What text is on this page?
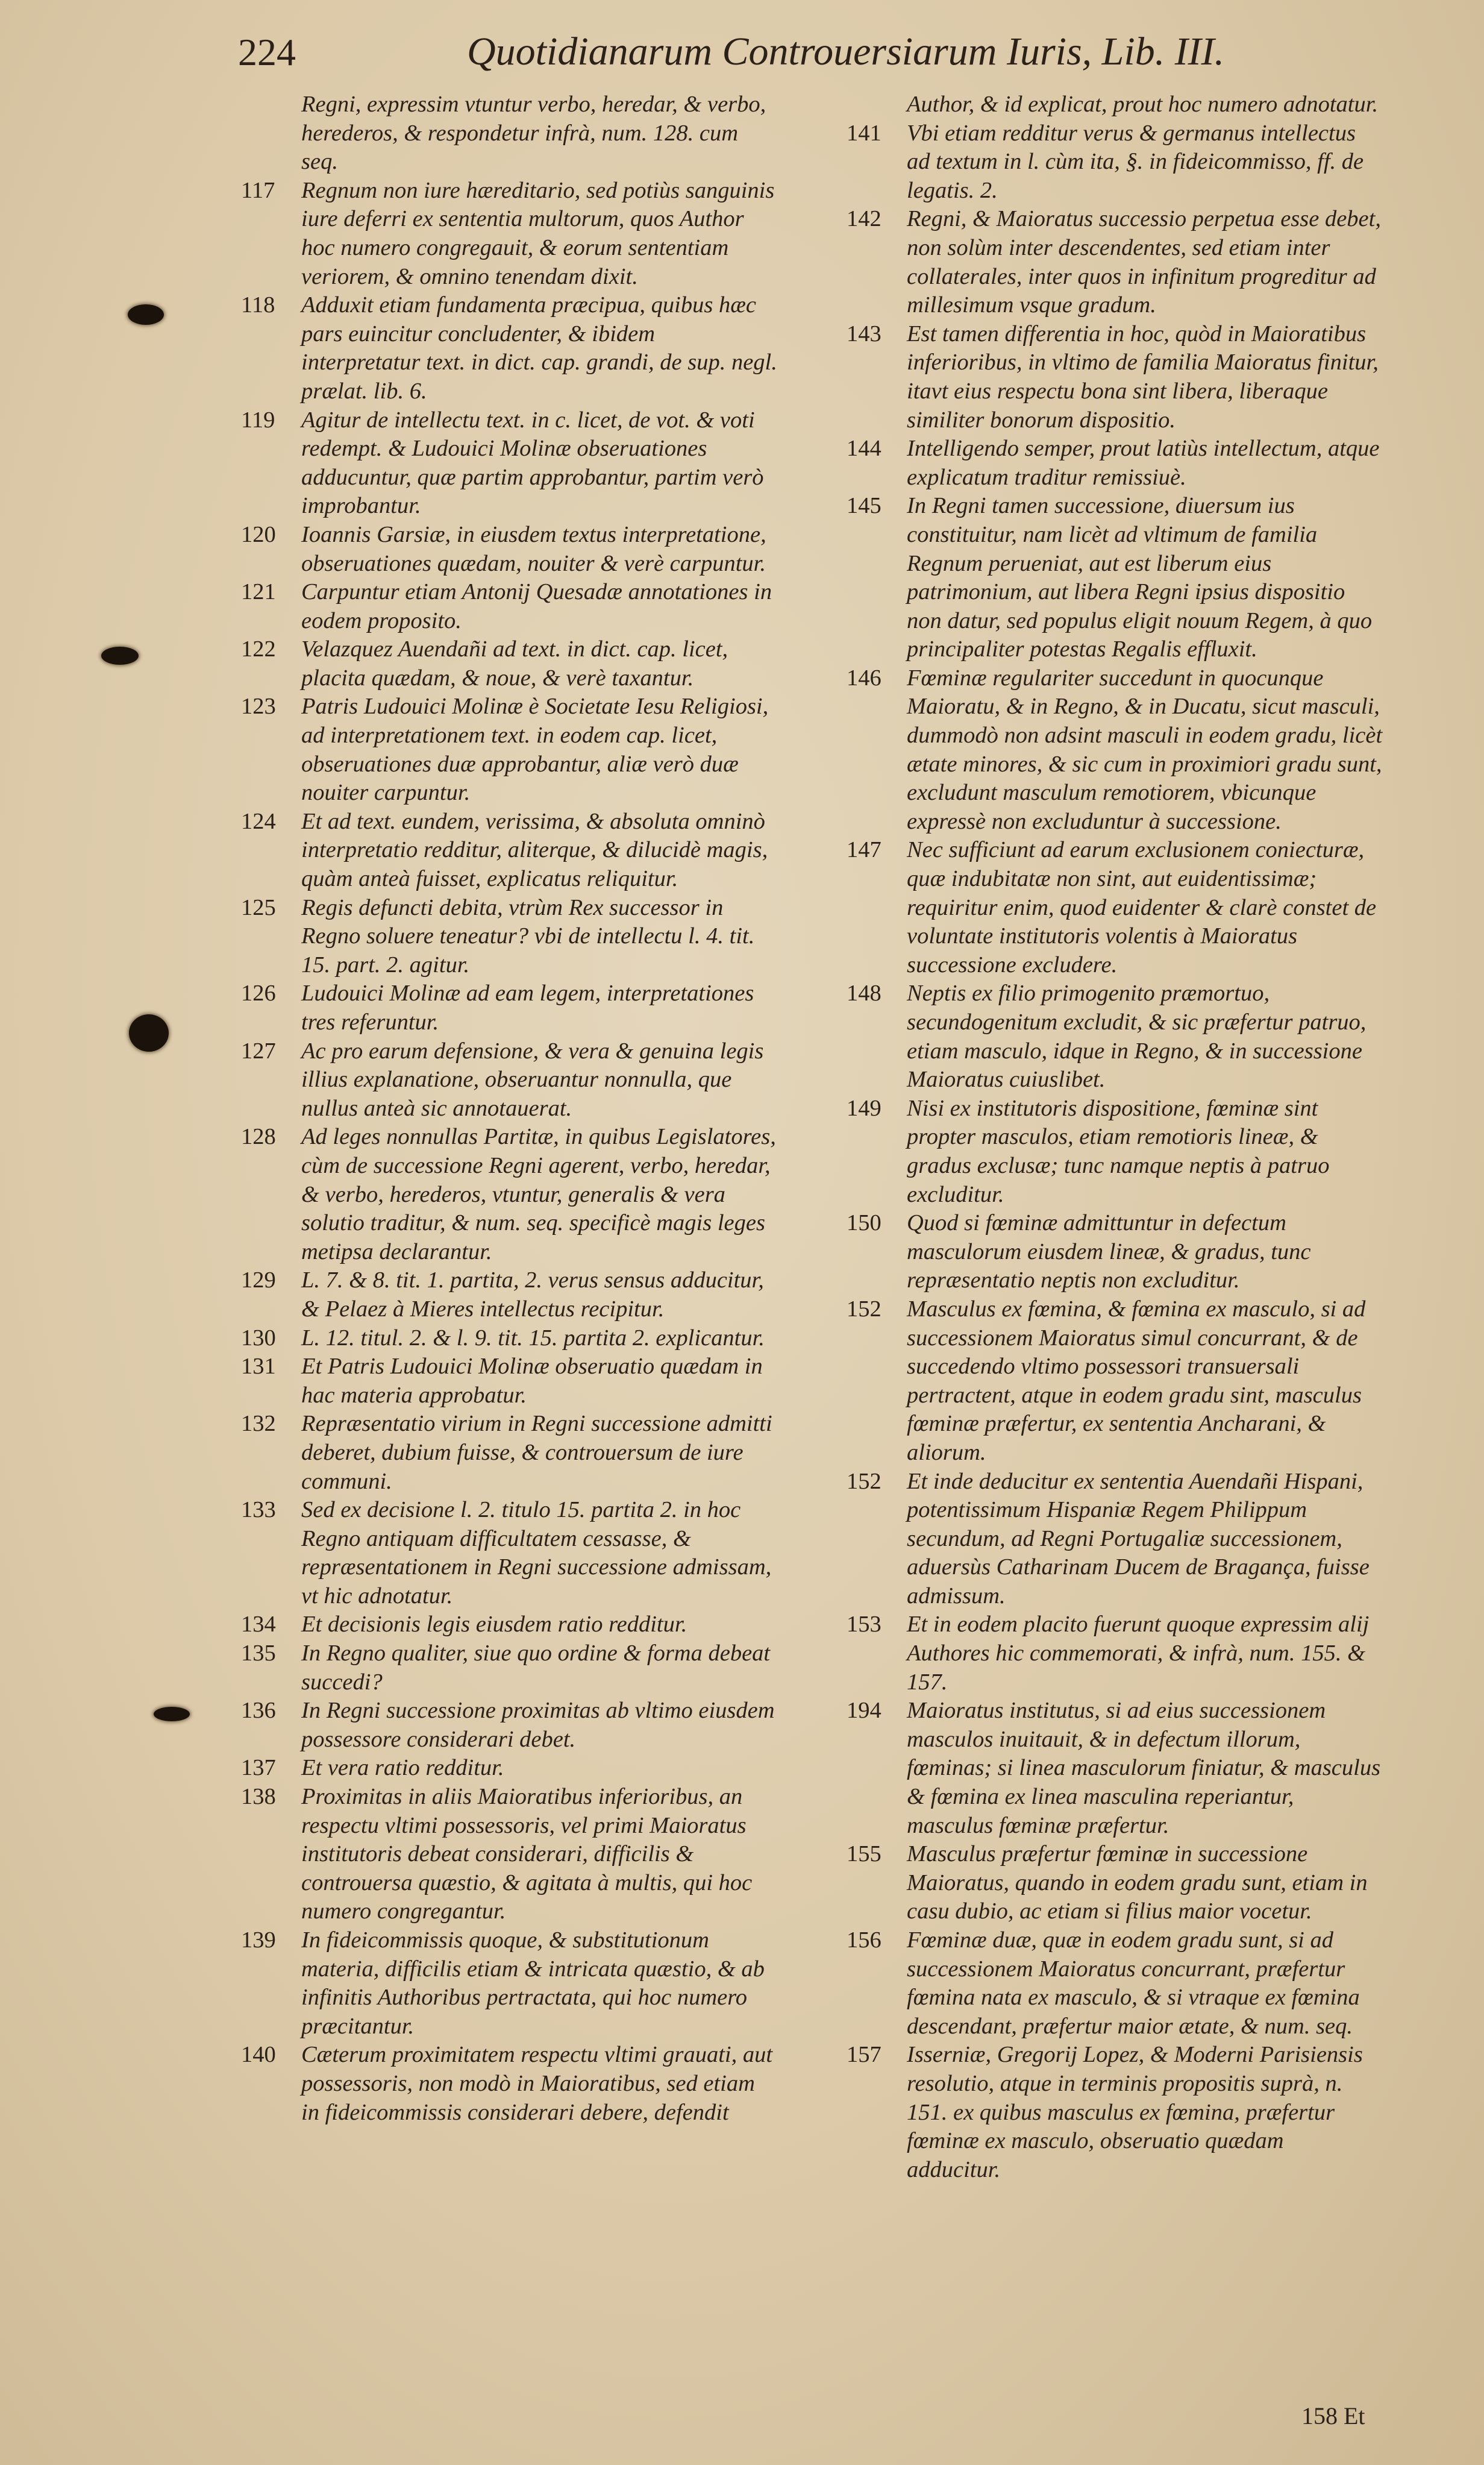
224	Quotidianarum Controuersiarum Iuris, Lib. III.
Regni, expressim vtuntur verbo, heredar, & verbo, herederos, & respondetur infrà, num. 128. cum seq.
117	Regnum non iure hæreditario, sed potiùs sanguinis iure deferri ex sententia multorum, quos Author hoc numero congregauit, & eorum sententiam veriorem, & omnino tenendam dixit.
118	Adduxit etiam fundamenta præcipua, quibus hæc pars euincitur concludenter, & ibidem interpretatur text. in dict. cap. grandi, de sup. negl. prælat. lib. 6.
119	Agitur de intellectu text. in c. licet, de vot. & voti redempt. & Ludouici Molinæ obseruationes adducuntur, quæ partim approbantur, partim verò improbantur.
120	Ioannis Garsiæ, in eiusdem textus interpretatione, obseruationes quædam, nouiter & verè carpuntur.
121	Carpuntur etiam Antonij Quesadæ annotationes in eodem proposito.
122	Velazquez Auendañi ad text. in dict. cap. licet, placita quædam, & noue, & verè taxantur.
123	Patris Ludouici Molinæ è Societate Iesu Religiosi, ad interpretationem text. in eodem cap. licet, obseruationes duæ approbantur, aliæ verò duæ nouiter carpuntur.
124	Et ad text. eundem, verissima, & absoluta omninò interpretatio redditur, aliterque, & dilucidè magis, quàm anteà fuisset, explicatus reliquitur.
125	Regis defuncti debita, vtrùm Rex successor in Regno soluere teneatur? vbi de intellectu l. 4. tit. 15. part. 2. agitur.
126	Ludouici Molinæ ad eam legem, interpretationes tres referuntur.
127	Ac pro earum defensione, & vera & genuina legis illius explanatione, obseruantur nonnulla, que nullus anteà sic annotauerat.
128	Ad leges nonnullas Partitæ, in quibus Legislatores, cùm de successione Regni agerent, verbo, heredar, & verbo, herederos, vtuntur, generalis & vera solutio traditur, & num. seq. specificè magis leges metipsa declarantur.
129	L. 7. & 8. tit. 1. partita, 2. verus sensus adducitur, & Pelaez à Mieres intellectus recipitur.
130	L. 12. titul. 2. & l. 9. tit. 15. partita 2. explicantur.
131	Et Patris Ludouici Molinæ obseruatio quædam in hac materia approbatur.
132	Repræsentatio virium in Regni successione admitti deberet, dubium fuisse, & controuersum de iure communi.
133	Sed ex decisione l. 2. titulo 15. partita 2. in hoc Regno antiquam difficultatem cessasse, & repræsentationem in Regni successione admissam, vt hic adnotatur.
134	Et decisionis legis eiusdem ratio redditur.
135	In Regno qualiter, siue quo ordine & forma debeat succedi?
136	In Regni successione proximitas ab vltimo eiusdem possessore considerari debet.
137	Et vera ratio redditur.
138	Proximitas in aliis Maioratibus inferioribus, an respectu vltimi possessoris, vel primi Maioratus institutoris debeat considerari, difficilis & controuersa quæstio, & agitata à multis, qui hoc numero congregantur.
139	In fideicommissis quoque, & substitutionum materia, difficilis etiam & intricata quæstio, & ab infinitis Authoribus pertractata, qui hoc numero præcitantur.
140	Cæterum proximitatem respectu vltimi grauati, aut possessoris, non modò in Maioratibus, sed etiam in fideicommissis considerari debere, defendit
Author, & id explicat, prout hoc numero adnotatur.
141	Vbi etiam redditur verus & germanus intellectus ad textum in l. cùm ita, §. in fideicommisso, ff. de legatis. 2.
142	Regni, & Maioratus successio perpetua esse debet, non solùm inter descendentes, sed etiam inter collaterales, inter quos in infinitum progreditur ad millesimum vsque gradum.
143	Est tamen differentia in hoc, quòd in Maioratibus inferioribus, in vltimo de familia Maioratus finitur, itavt eius respectu bona sint libera, liberaque similiter bonorum dispositio.
144	Intelligendo semper, prout latiùs intellectum, atque explicatum traditur remissiuè.
145	In Regni tamen successione, diuersum ius constituitur, nam licèt ad vltimum de familia Regnum perueniat, aut est liberum eius patrimonium, aut libera Regni ipsius dispositio non datur, sed populus eligit nouum Regem, à quo principaliter potestas Regalis effluxit.
146	Fœminæ regulariter succedunt in quocunque Maioratu, & in Regno, & in Ducatu, sicut masculi, dummodò non adsint masculi in eodem gradu, licèt ætate minores, & sic cum in proximiori gradu sunt, excludunt masculum remotiorem, vbicunque expressè non excluduntur à successione.
147	Nec sufficiunt ad earum exclusionem coniecturæ, quæ indubitatæ non sint, aut euidentissimæ; requiritur enim, quod euidenter & clarè constet de voluntate institutoris volentis à Maioratus successione excludere.
148	Neptis ex filio primogenito præmortuo, secundogenitum excludit, & sic præfertur patruo, etiam masculo, idque in Regno, & in successione Maioratus cuiuslibet.
149	Nisi ex institutoris dispositione, fœminæ sint propter masculos, etiam remotioris lineæ, & gradus exclusæ; tunc namque neptis à patruo excluditur.
150	Quod si fœminæ admittuntur in defectum masculorum eiusdem lineæ, & gradus, tunc repræsentatio neptis non excluditur.
152	Masculus ex fœmina, & fœmina ex masculo, si ad successionem Maioratus simul concurrant, & de succedendo vltimo possessori transuersali pertractent, atque in eodem gradu sint, masculus fœminæ præfertur, ex sententia Ancharani, & aliorum.
152	Et inde deducitur ex sententia Auendañi Hispani, potentissimum Hispaniæ Regem Philippum secundum, ad Regni Portugaliæ successionem, aduersùs Catharinam Ducem de Bragança, fuisse admissum.
153	Et in eodem placito fuerunt quoque expressim alij Authores hic commemorati, & infrà, num. 155. & 157.
194	Maioratus institutus, si ad eius successionem masculos inuitauit, & in defectum illorum, fœminas; si linea masculorum finiatur, & masculus & fœmina ex linea masculina reperiantur, masculus fœminæ præfertur.
155	Masculus præfertur fœminæ in successione Maioratus, quando in eodem gradu sunt, etiam in casu dubio, ac etiam si filius maior vocetur.
156	Fœminæ duæ, quæ in eodem gradu sunt, si ad successionem Maioratus concurrant, præfertur fœmina nata ex masculo, & si vtraque ex fœmina descendant, præfertur maior ætate, & num. seq.
157	Isserniæ, Gregorij Lopez, & Moderni Parisiensis resolutio, atque in terminis propositis suprà, n. 151. ex quibus masculus ex fœmina, præfertur fœminæ ex masculo, obseruatio quædam adducitur.
158 Et
